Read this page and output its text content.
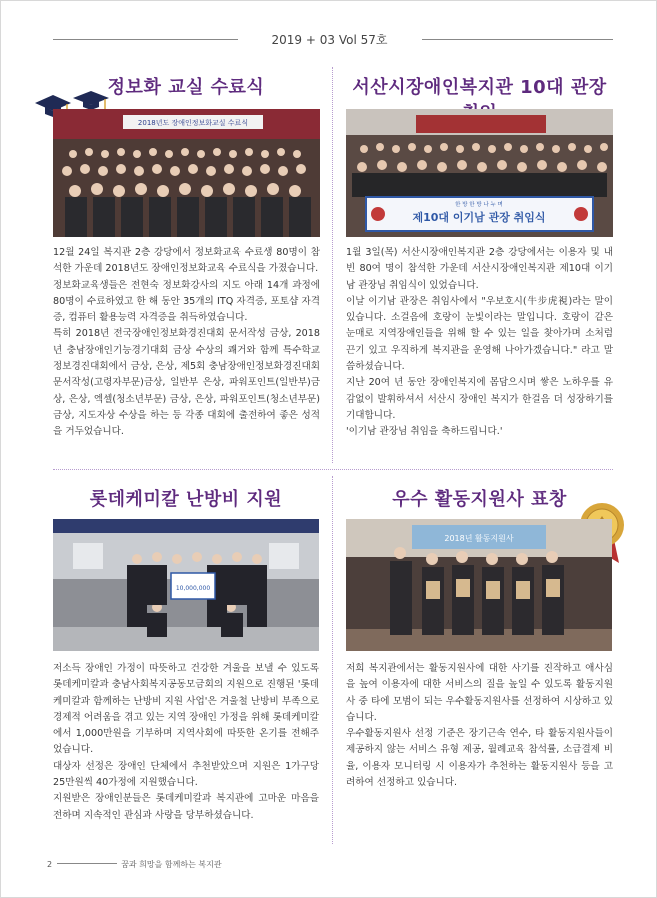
2019 + 03 Vol 57호
정보화 교실 수료식
2018년도 장애인정보화교실 수료식

12월 24일 복지관 2층 강당에서 정보화교육 수료생 80명이 참석한 가운데 2018년도 장애인정보화교육 수료식을 가졌습니다.

정보화교육생들은 전현숙 정보화강사의 지도 아래 14개 과정에 80명이 수료하였고 한 해 동안 35개의 ITQ 자격증, 포토샵 자격증, 컴퓨터 활용능력 자격증을 취득하였습니다.

특히 2018년 전국장애인정보화경진대회 문서작성 금상, 2018년 충남장애인기능경기대회 금상 수상의 쾌거와 함께 특수학교 정보경진대회에서 금상, 은상, 제5회 충남장애인정보화경진대회 문서작성(고령자부문)금상, 일반부 은상, 파워포인트(일반부)금상, 은상, 엑셀(청소년부문) 금상, 은상, 파워포인트(청소년부문)금상, 지도자상 수상을 하는 등 각종 대회에 출전하여 좋은 성적을 거두었습니다.

서산시장애인복지관 10대 관장
한 방 한 방 나 누 며
제10대 이기남 관장 취임식

1월 3일(목) 서산시장애인복지관 2층 강당에서는 이용자 및 내빈 80여 명이 참석한 가운데 서산시장애인복지관 제10대 이기남 관장님 취임식이 있었습니다.

이날 이기남 관장은 취임사에서 "우보호시(牛步虎視)라는 말이 있습니다. 소걸음에 호랑이 눈빛이라는 말입니다. 호랑이 같은 눈매로 지역장애인들을 위해 할 수 있는 일을 찾아가며 소처럼 끈기 있고 우직하게 복지관을 운영해 나아가겠습니다." 라고 말씀하셨습니다.

지난 20여 년 동안 장애인복지에 몸담으시며 쌓은 노하우를 유감없이 발휘하셔서 서산시 장애인 복지가 한걸음 더 성장하기를 기대합니다.

'이기남 관장님 취임을 축하드립니다.'

롯데케미칼 난방비 지원
10,000,000

저소득 장애인 가정이 따뜻하고 건강한 겨울을 보낼 수 있도록 롯데케미칼과 충남사회복지공동모금회의 지원으로 진행된 '롯데케미칼과 함께하는 난방비 지원 사업'은 겨울철 난방비 부족으로 경제적 어려움을 겪고 있는 지역 장애인 가정을 위해 롯데케미칼에서 1,000만원을 기부하며 지역사회에 따뜻한 온기를 전해주었습니다.

대상자 선정은 장애인 단체에서 추천받았으며 지원은 1가구당 25만원씩 40가정에 지원했습니다.

지원받은 장애인분들은 롯데케미칼과 복지관에 고마운 마음을 전하며 지속적인 관심과 사랑을 당부하셨습니다.

우수 활동지원사 표창
2018년 활동지원사

저희 복지관에서는 활동지원사에 대한 사기를 진작하고 애사심을 높여 이용자에 대한 서비스의 질을 높일 수 있도록 활동지원사 중 타에 모범이 되는 우수활동지원사를 선정하여 시상하고 있습니다.

우수활동지원사 선정 기준은 장기근속 연수, 타 활동지원사들이 제공하지 않는 서비스 유형 제공, 월례교육 참석률, 소급결제 비율, 이용자 모니터링 시 이용자가 추천하는 활동지원사 등을 고려하여 선정하고 있습니다.

2	꿈과 희망을 함께하는 복지관
